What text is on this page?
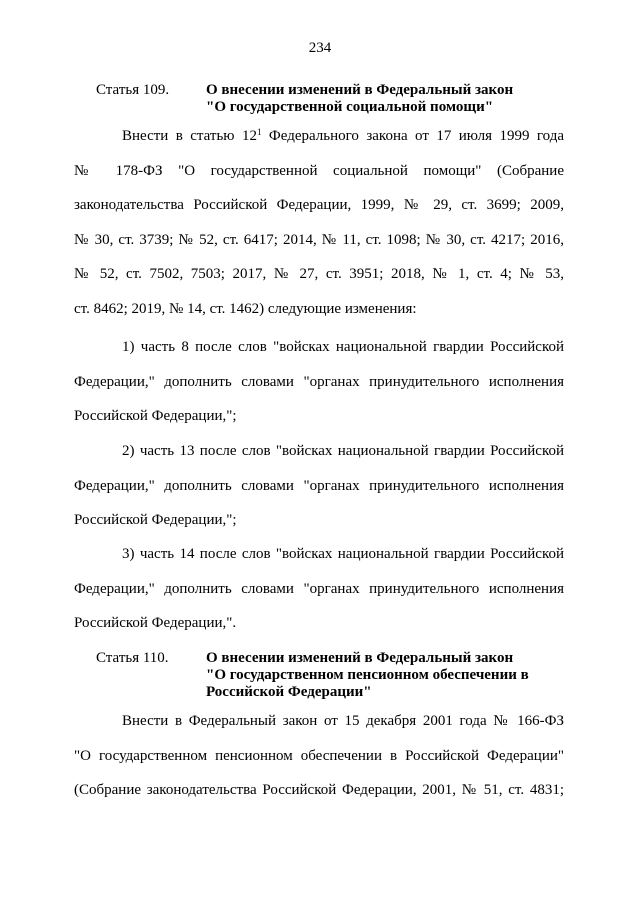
234
Статья 109. О внесении изменений в Федеральный закон
"О государственной социальной помощи"
Внести в статью $12^1$ Федерального закона от 17 июля 1999 года
№ 178-ФЗ "О государственной социальной помощи" (Собрание
законодательства Российской Федерации, 1999, № 29, ст. 3699; 2009,
№ 30, ст. 3739; № 52, ст. 6417; 2014, № 11, ст. 1098; № 30, ст. 4217; 2016,
№ 52, ст. 7502, 7503; 2017, № 27, ст. 3951; 2018, № 1, ст. 4; № 53,
ст. 8462; 2019, № 14, ст. 1462) следующие изменения:
1) часть 8 после слов "войсках национальной гвардии Российской
Федерации," дополнить словами "органах принудительного исполнения
Российской Федерации,";
2) часть 13 после слов "войсках национальной гвардии Российской
Федерации," дополнить словами "органах принудительного исполнения
Российской Федерации,";
3) часть 14 после слов "войсках национальной гвардии Российской
Федерации," дополнить словами "органах принудительного исполнения
Российской Федерации,".
Статья 110. О внесении изменений в Федеральный закон
"О государственном пенсионном обеспечении в
Российской Федерации"
Внести в Федеральный закон от 15 декабря 2001 года № 166-ФЗ
"О государственном пенсионном обеспечении в Российской Федерации"
(Собрание законодательства Российской Федерации, 2001, № 51, ст. 4831;
